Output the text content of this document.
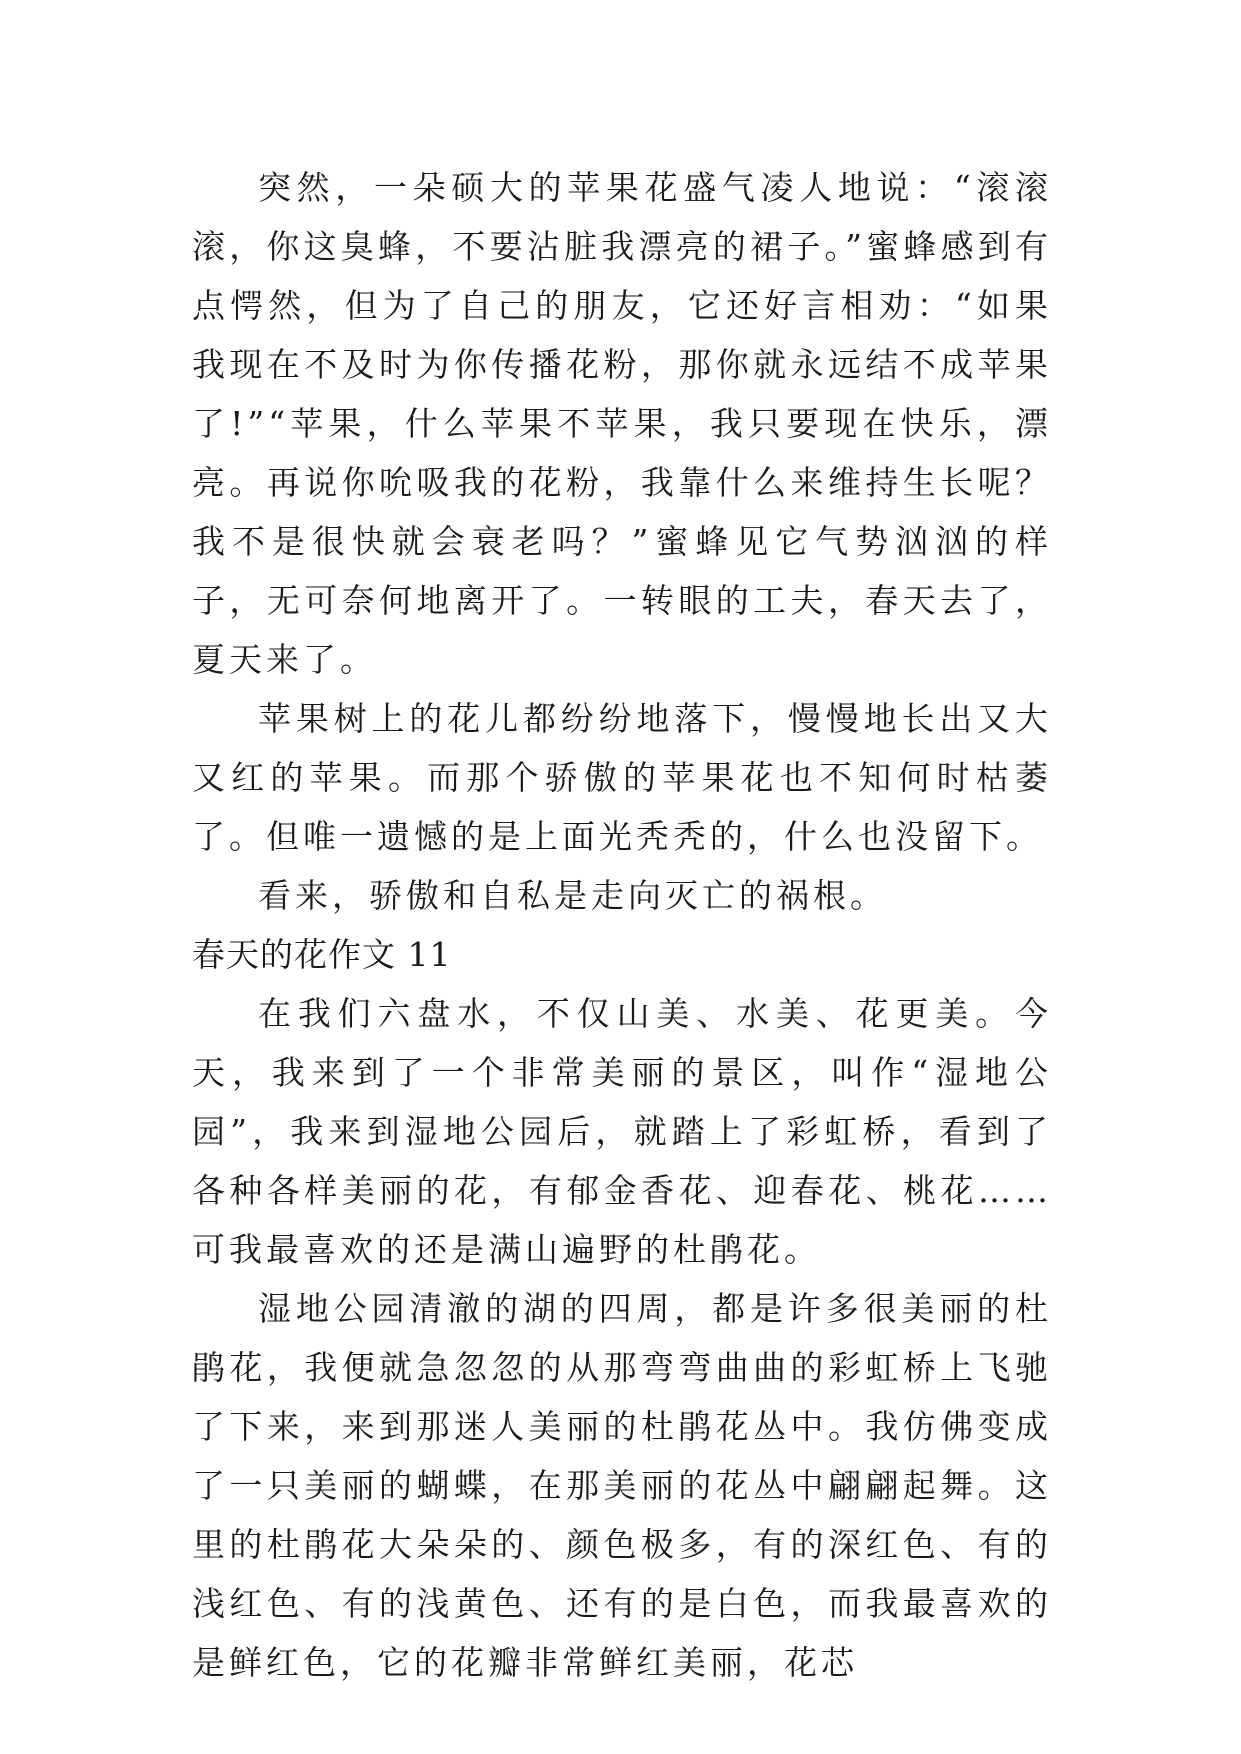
突然，一朵硕大的苹果花盛气凌人地说：“滚滚滚，你这臭蜂，不要沾脏我漂亮的裙子。”蜜蜂感到有点愕然，但为了自己的朋友，它还好言相劝：“如果我现在不及时为你传播花粉，那你就永远结不成苹果了!”“苹果，什么苹果不苹果，我只要现在快乐，漂亮。再说你吮吸我的花粉，我靠什么来维持生长呢？我不是很快就会衰老吗？”蜜蜂见它气势汹汹的样子，无可奈何地离开了。一转眼的工夫，春天去了，夏天来了。

苹果树上的花儿都纷纷地落下，慢慢地长出又大又红的苹果。而那个骄傲的苹果花也不知何时枯萎了。但唯一遗憾的是上面光秃秃的，什么也没留下。

看来，骄傲和自私是走向灭亡的祸根。

春天的花作文 11

在我们六盘水，不仅山美、水美、花更美。今天，我来到了一个非常美丽的景区，叫作“湿地公园”，我来到湿地公园后，就踏上了彩虹桥，看到了各种各样美丽的花，有郁金香花、迎春花、桃花……可我最喜欢的还是满山遍野的杜鹃花。

湿地公园清澈的湖的四周，都是许多很美丽的杜鹃花，我便就急忽忽的从那弯弯曲曲的彩虹桥上飞驰了下来，来到那迷人美丽的杜鹃花丛中。我仿佛变成了一只美丽的蝴蝶，在那美丽的花丛中翩翩起舞。这里的杜鹃花大朵朵的、颜色极多，有的深红色、有的浅红色、有的浅黄色、还有的是白色，而我最喜欢的是鲜红色，它的花瓣非常鲜红美丽，花芯
